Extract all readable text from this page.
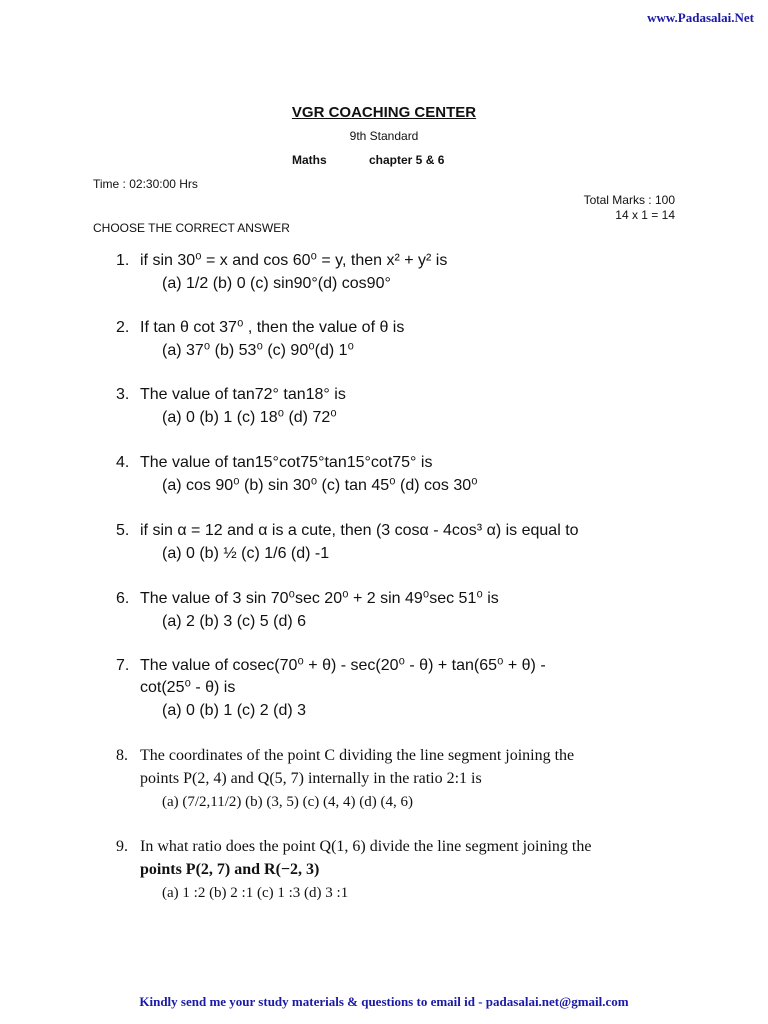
www.Padasalai.Net
VGR COACHING CENTER
9th Standard
Maths	chapter 5 & 6
Time : 02:30:00 Hrs
Total Marks : 100
14 x 1 = 14
CHOOSE THE CORRECT ANSWER
1. if sin 30⁰ = x and cos 60⁰ = y, then x² + y² is
(a) 1/2 (b) 0 (c) sin90°(d) cos90°
2. If tan θ cot 37⁰ , then the value of θ is
(a) 37⁰ (b) 53⁰ (c) 90⁰(d) 1⁰
3. The value of tan72° tan18° is
(a) 0 (b) 1 (c) 18⁰ (d) 72⁰
4. The value of tan15°cot75°tan15°cot75° is
(a) cos 90⁰ (b) sin 30⁰ (c) tan 45⁰ (d) cos 30⁰
5. if sin α = 12 and α is a cute, then (3 cosα - 4cos³ α) is equal to
(a) 0 (b) ½ (c) 1/6 (d) -1
6. The value of 3 sin 70⁰sec 20⁰ + 2 sin 49⁰sec 51⁰ is
(a) 2 (b) 3 (c) 5 (d) 6
7. The value of cosec(70⁰ + θ) - sec(20⁰ - θ) + tan(65⁰ + θ) -
cot(25⁰ - θ) is
(a) 0 (b) 1 (c) 2 (d) 3
8. The coordinates of the point C dividing the line segment joining the
points P(2, 4) and Q(5, 7) internally in the ratio 2:1 is
(a) (7/2,11/2) (b) (3, 5) (c) (4, 4) (d) (4, 6)
9. In what ratio does the point Q(1, 6) divide the line segment joining the
points P(2, 7) and R(−2, 3)
(a) 1 :2 (b) 2 :1 (c) 1 :3 (d) 3 :1
Kindly send me your study materials & questions to email id - padasalai.net@gmail.com
